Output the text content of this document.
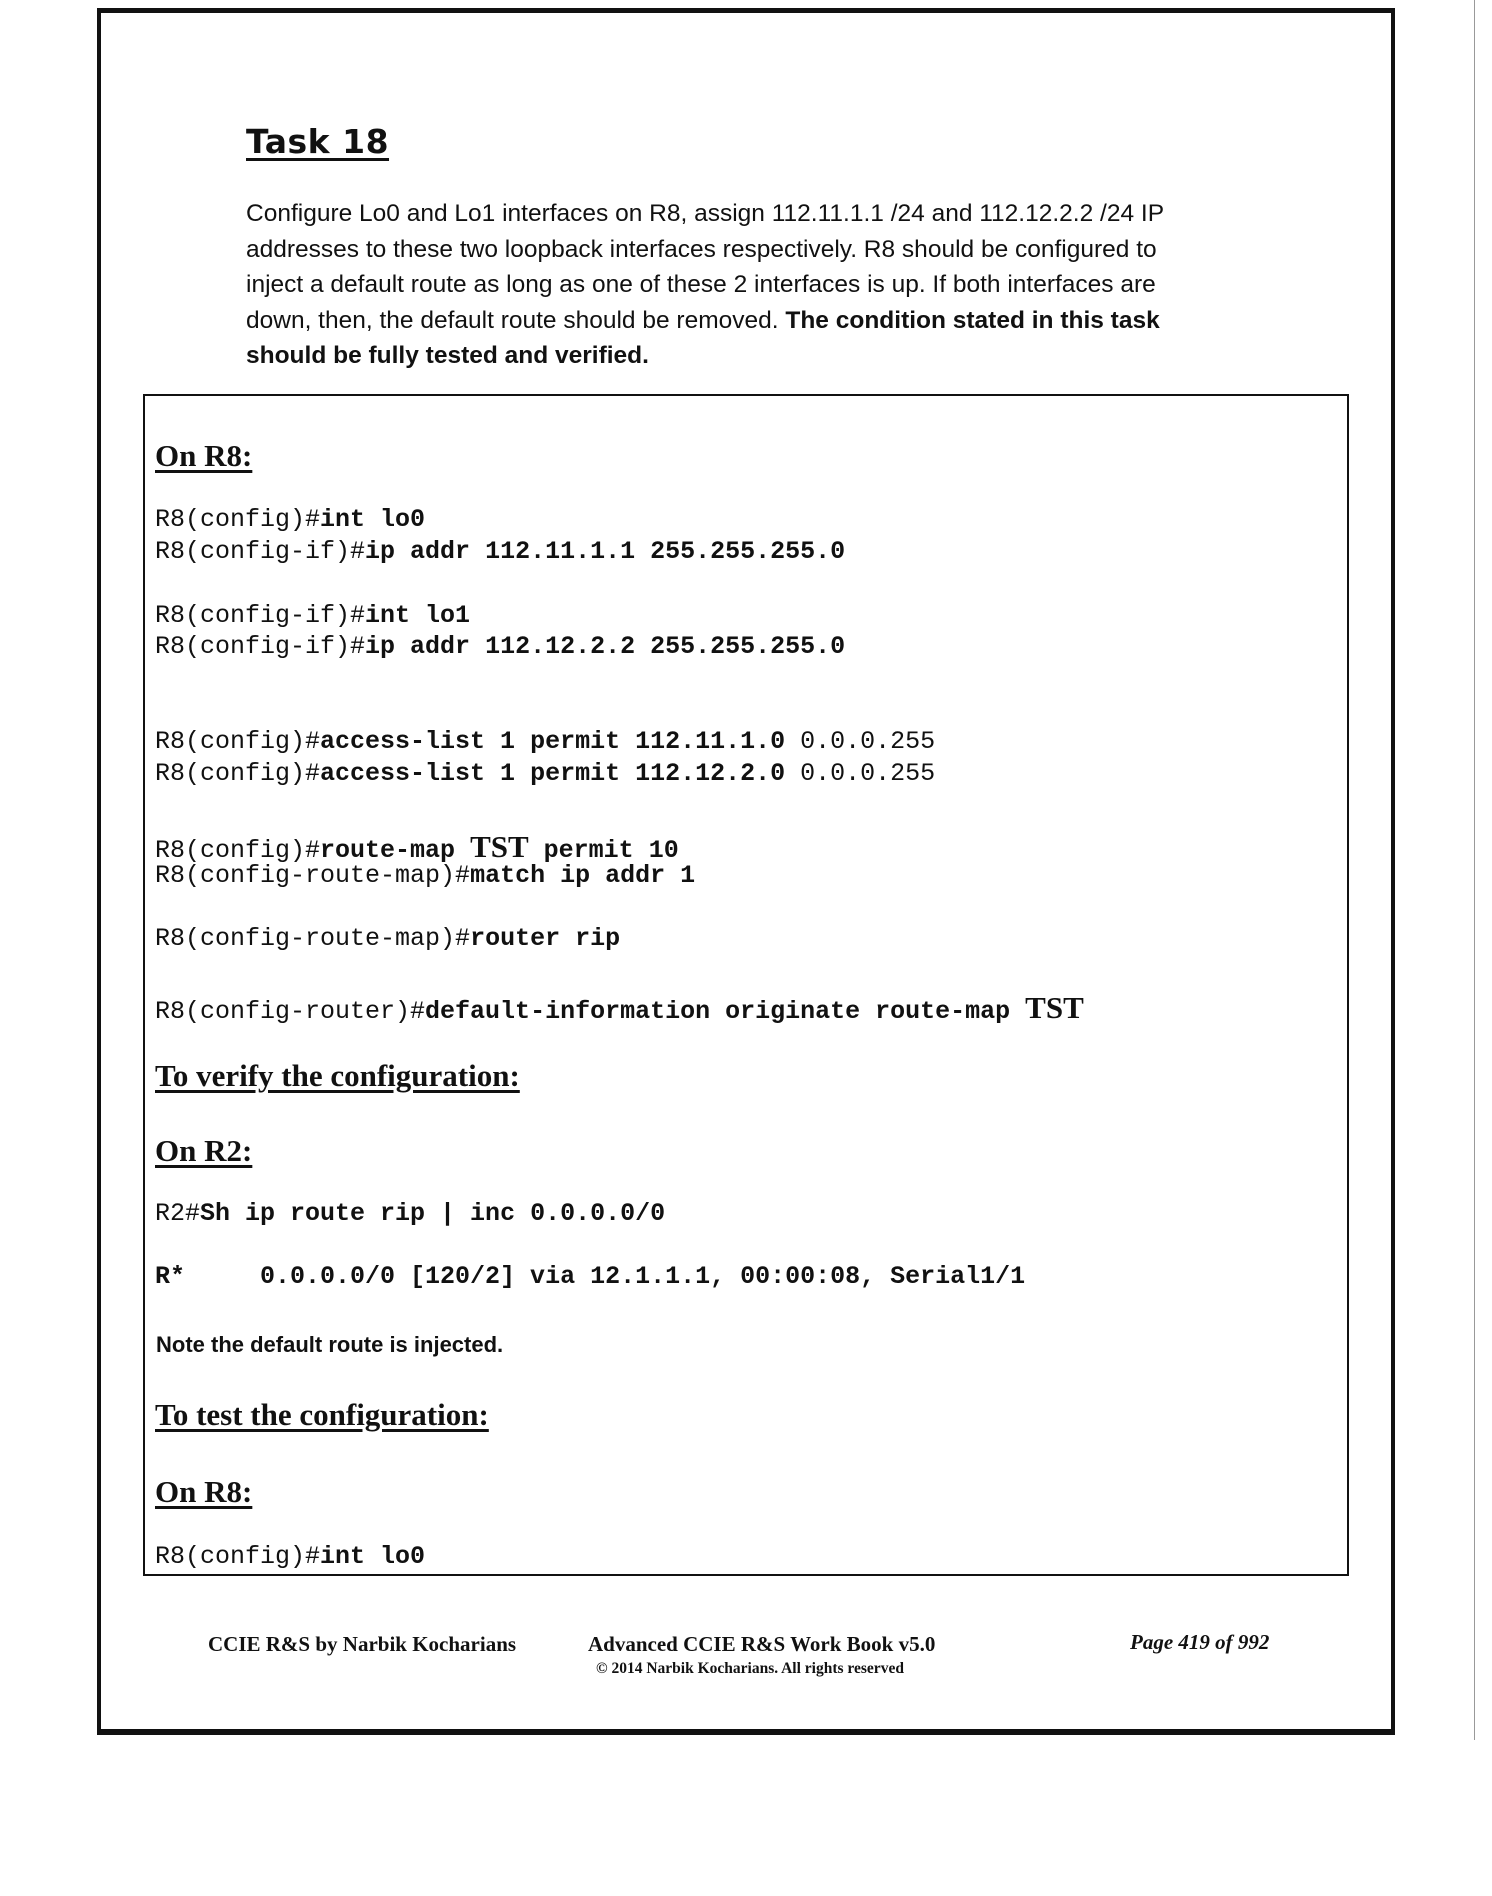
Task 18
Configure Lo0 and Lo1 interfaces on R8, assign 112.11.1.1 /24 and 112.12.2.2 /24 IP addresses to these two loopback interfaces respectively. R8 should be configured to inject a default route as long as one of these 2 interfaces is up. If both interfaces are down, then, the default route should be removed. The condition stated in this task should be fully tested and verified.
On R8:
R8(config)#int lo0
R8(config-if)#ip addr 112.11.1.1 255.255.255.0
R8(config-if)#int lo1
R8(config-if)#ip addr 112.12.2.2 255.255.255.0
R8(config)#access-list 1 permit 112.11.1.0 0.0.0.255
R8(config)#access-list 1 permit 112.12.2.0 0.0.0.255
R8(config)#route-map TST permit 10
R8(config-route-map)#match ip addr 1
R8(config-route-map)#router rip
R8(config-router)#default-information originate route-map TST
To verify the configuration:
On R2:
R2#Sh ip route rip | inc 0.0.0.0/0
R*     0.0.0.0/0 [120/2] via 12.1.1.1, 00:00:08, Serial1/1
Note the default route is injected.
To test the configuration:
On R8:
R8(config)#int lo0
CCIE R&S by Narbik Kocharians	Advanced CCIE R&S Work Book v5.0
© 2014 Narbik Kocharians. All rights reserved
Page 419 of 992
